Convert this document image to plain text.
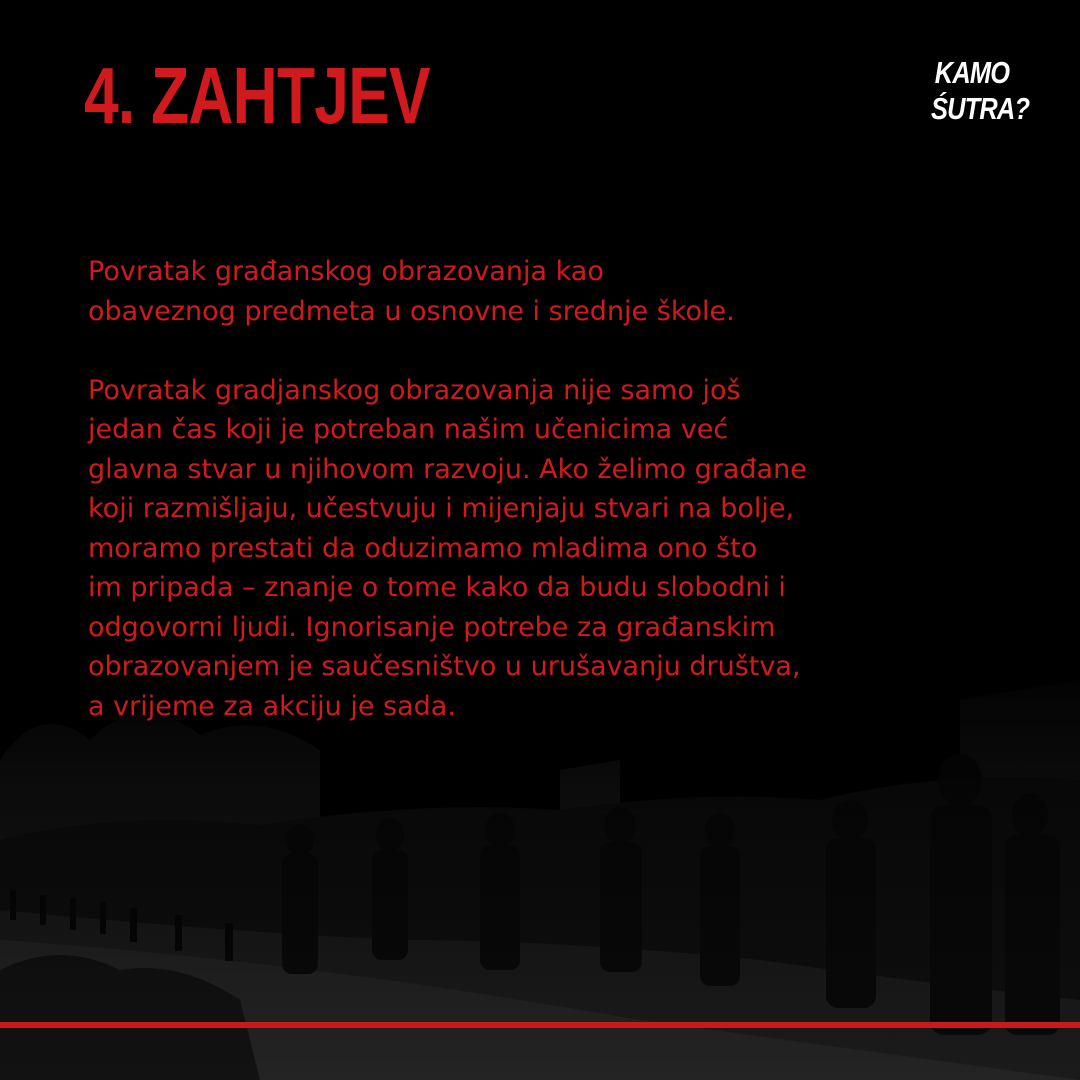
4. ZAHTJEV	KAMO
ŚUTRA?

Povratak građanskog obrazovanja kao
obaveznog predmeta u osnovne i srednje škole.

Povratak gradjanskog obrazovanja nije samo još
jedan čas koji je potreban našim učenicima već
glavna stvar u njihovom razvoju. Ako želimo građane
koji razmišljaju, učestvuju i mijenjaju stvari na bolje,
moramo prestati da oduzimamo mladima ono što
im pripada – znanje o tome kako da budu slobodni i
odgovorni ljudi. Ignorisanje potrebe za građanskim
obrazovanjem je saučesništvo u urušavanju društva,
a vrijeme za akciju je sada.
